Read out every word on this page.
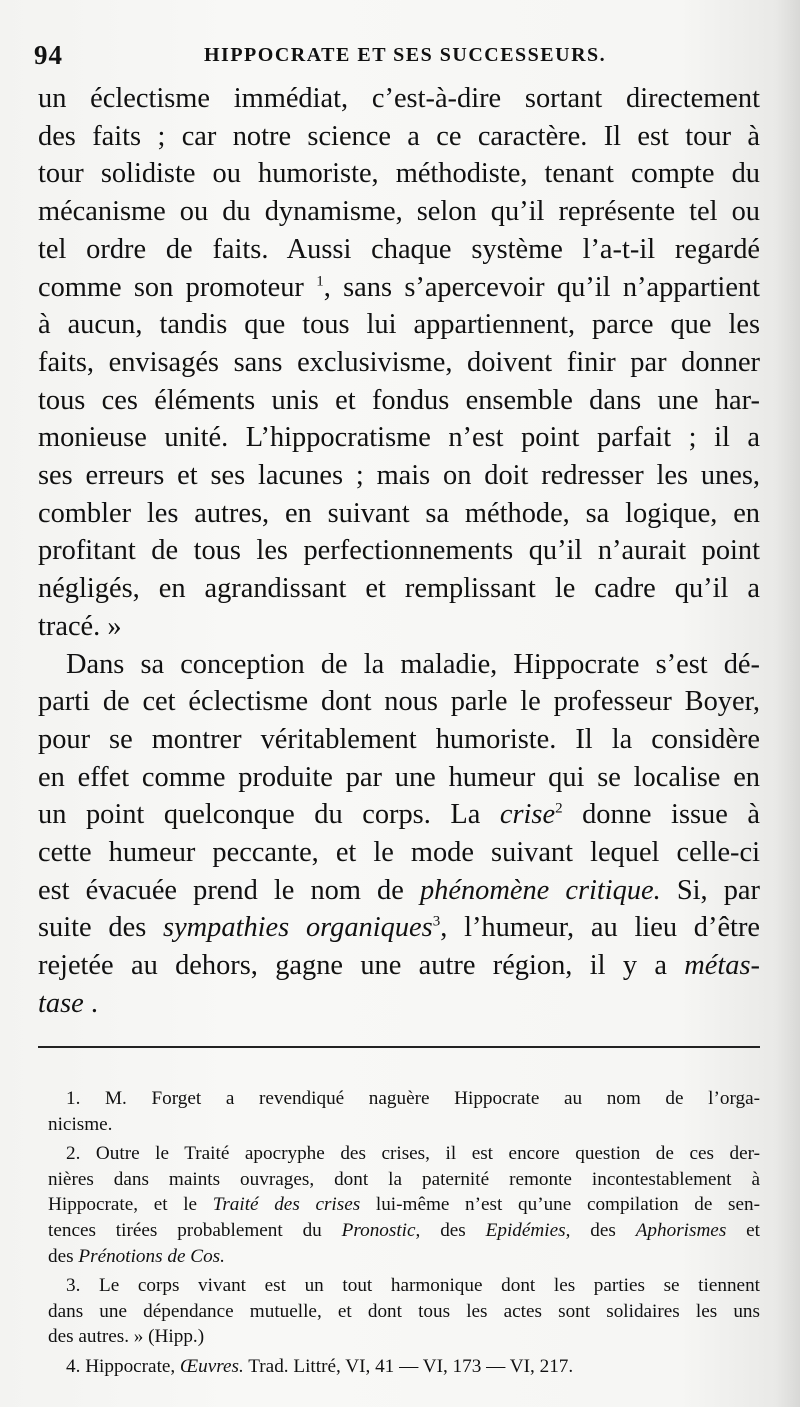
94	HIPPOCRATE ET SES SUCCESSEURS.
un éclectisme immédiat, c’est-à-dire sortant directement
des faits ; car notre science a ce caractère. Il est tour à
tour solidiste ou humoriste, méthodiste, tenant compte du
mécanisme ou du dynamisme, selon qu’il représente tel ou
tel ordre de faits. Aussi chaque système l’a-t-il regardé
comme son promoteur $^1$, sans s’apercevoir qu’il n’appartient
à aucun, tandis que tous lui appartiennent, parce que les
faits, envisagés sans exclusivisme, doivent finir par donner
tous ces éléments unis et fondus ensemble dans une har-
monieuse unité. L’hippocratisme n’est point parfait ; il a
ses erreurs et ses lacunes ; mais on doit redresser les unes,
combler les autres, en suivant sa méthode, sa logique, en
profitant de tous les perfectionnements qu’il n’aurait point
négligés, en agrandissant et remplissant le cadre qu’il a
tracé. »
Dans sa conception de la maladie, Hippocrate s’est dé-
parti de cet éclectisme dont nous parle le professeur Boyer,
pour se montrer véritablement humoriste. Il la considère
en effet comme produite par une humeur qui se localise en
un point quelconque du corps. La crise$^2$ donne issue à
cette humeur peccante, et le mode suivant lequel celle-ci
est évacuée prend le nom de phénomène critique. Si, par
suite des sympathies organiques$^3$, l’humeur, au lieu d’être
rejetée au dehors, gagne une autre région, il y a métas-
tase .
1. M. Forget a revendiqué naguère Hippocrate au nom de l’orga-
nicisme.
2. Outre le Traité apocryphe des crises, il est encore question de ces der-
nières dans maints ouvrages, dont la paternité remonte incontestablement à
Hippocrate, et le Traité des crises lui-même n’est qu’une compilation de sen-
tences tirées probablement du Pronostic, des Epidémies, des Aphorismes et
des Prénotions de Cos.
3. Le corps vivant est un tout harmonique dont les parties se tiennent
dans une dépendance mutuelle, et dont tous les actes sont solidaires les uns
des autres. » (Hipp.)
4. Hippocrate, Œuvres. Trad. Littré, VI, 41 — VI, 173 — VI, 217.
